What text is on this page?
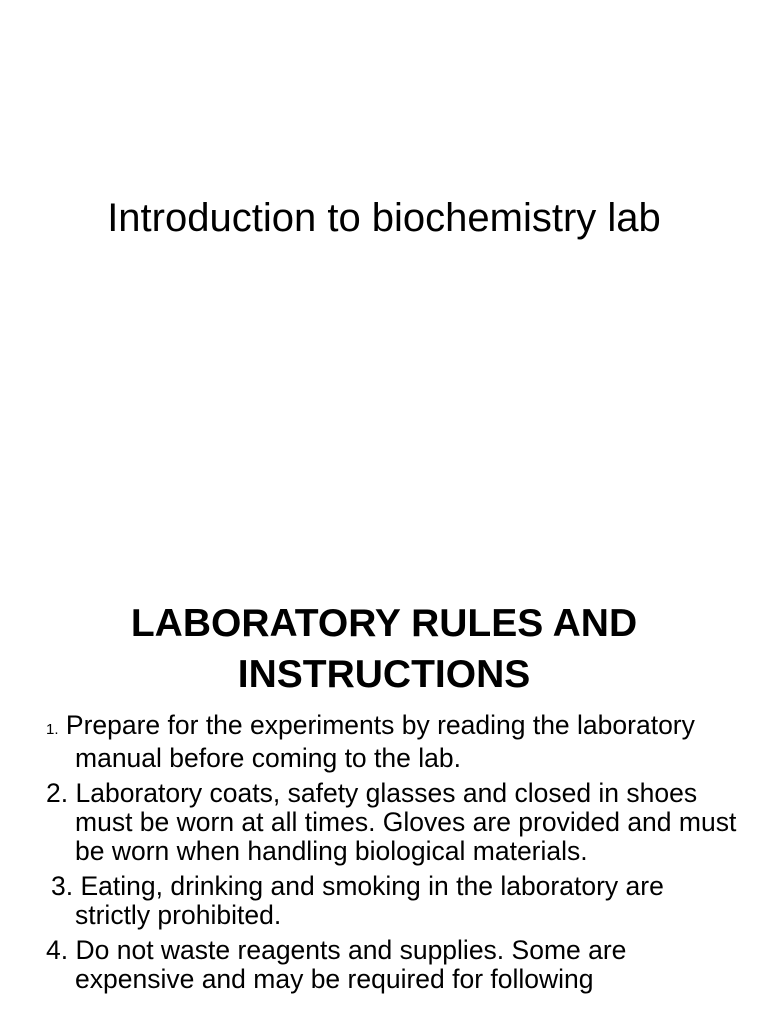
Introduction to biochemistry lab
LABORATORY RULES AND INSTRUCTIONS
1. Prepare for the experiments by reading the laboratory manual before coming to the lab.
2. Laboratory coats, safety glasses and closed in shoes must be worn at all times. Gloves are provided and must be worn when handling biological materials.
3. Eating, drinking and smoking in the laboratory are strictly prohibited.
4. Do not waste reagents and supplies. Some are expensive and may be required for following
